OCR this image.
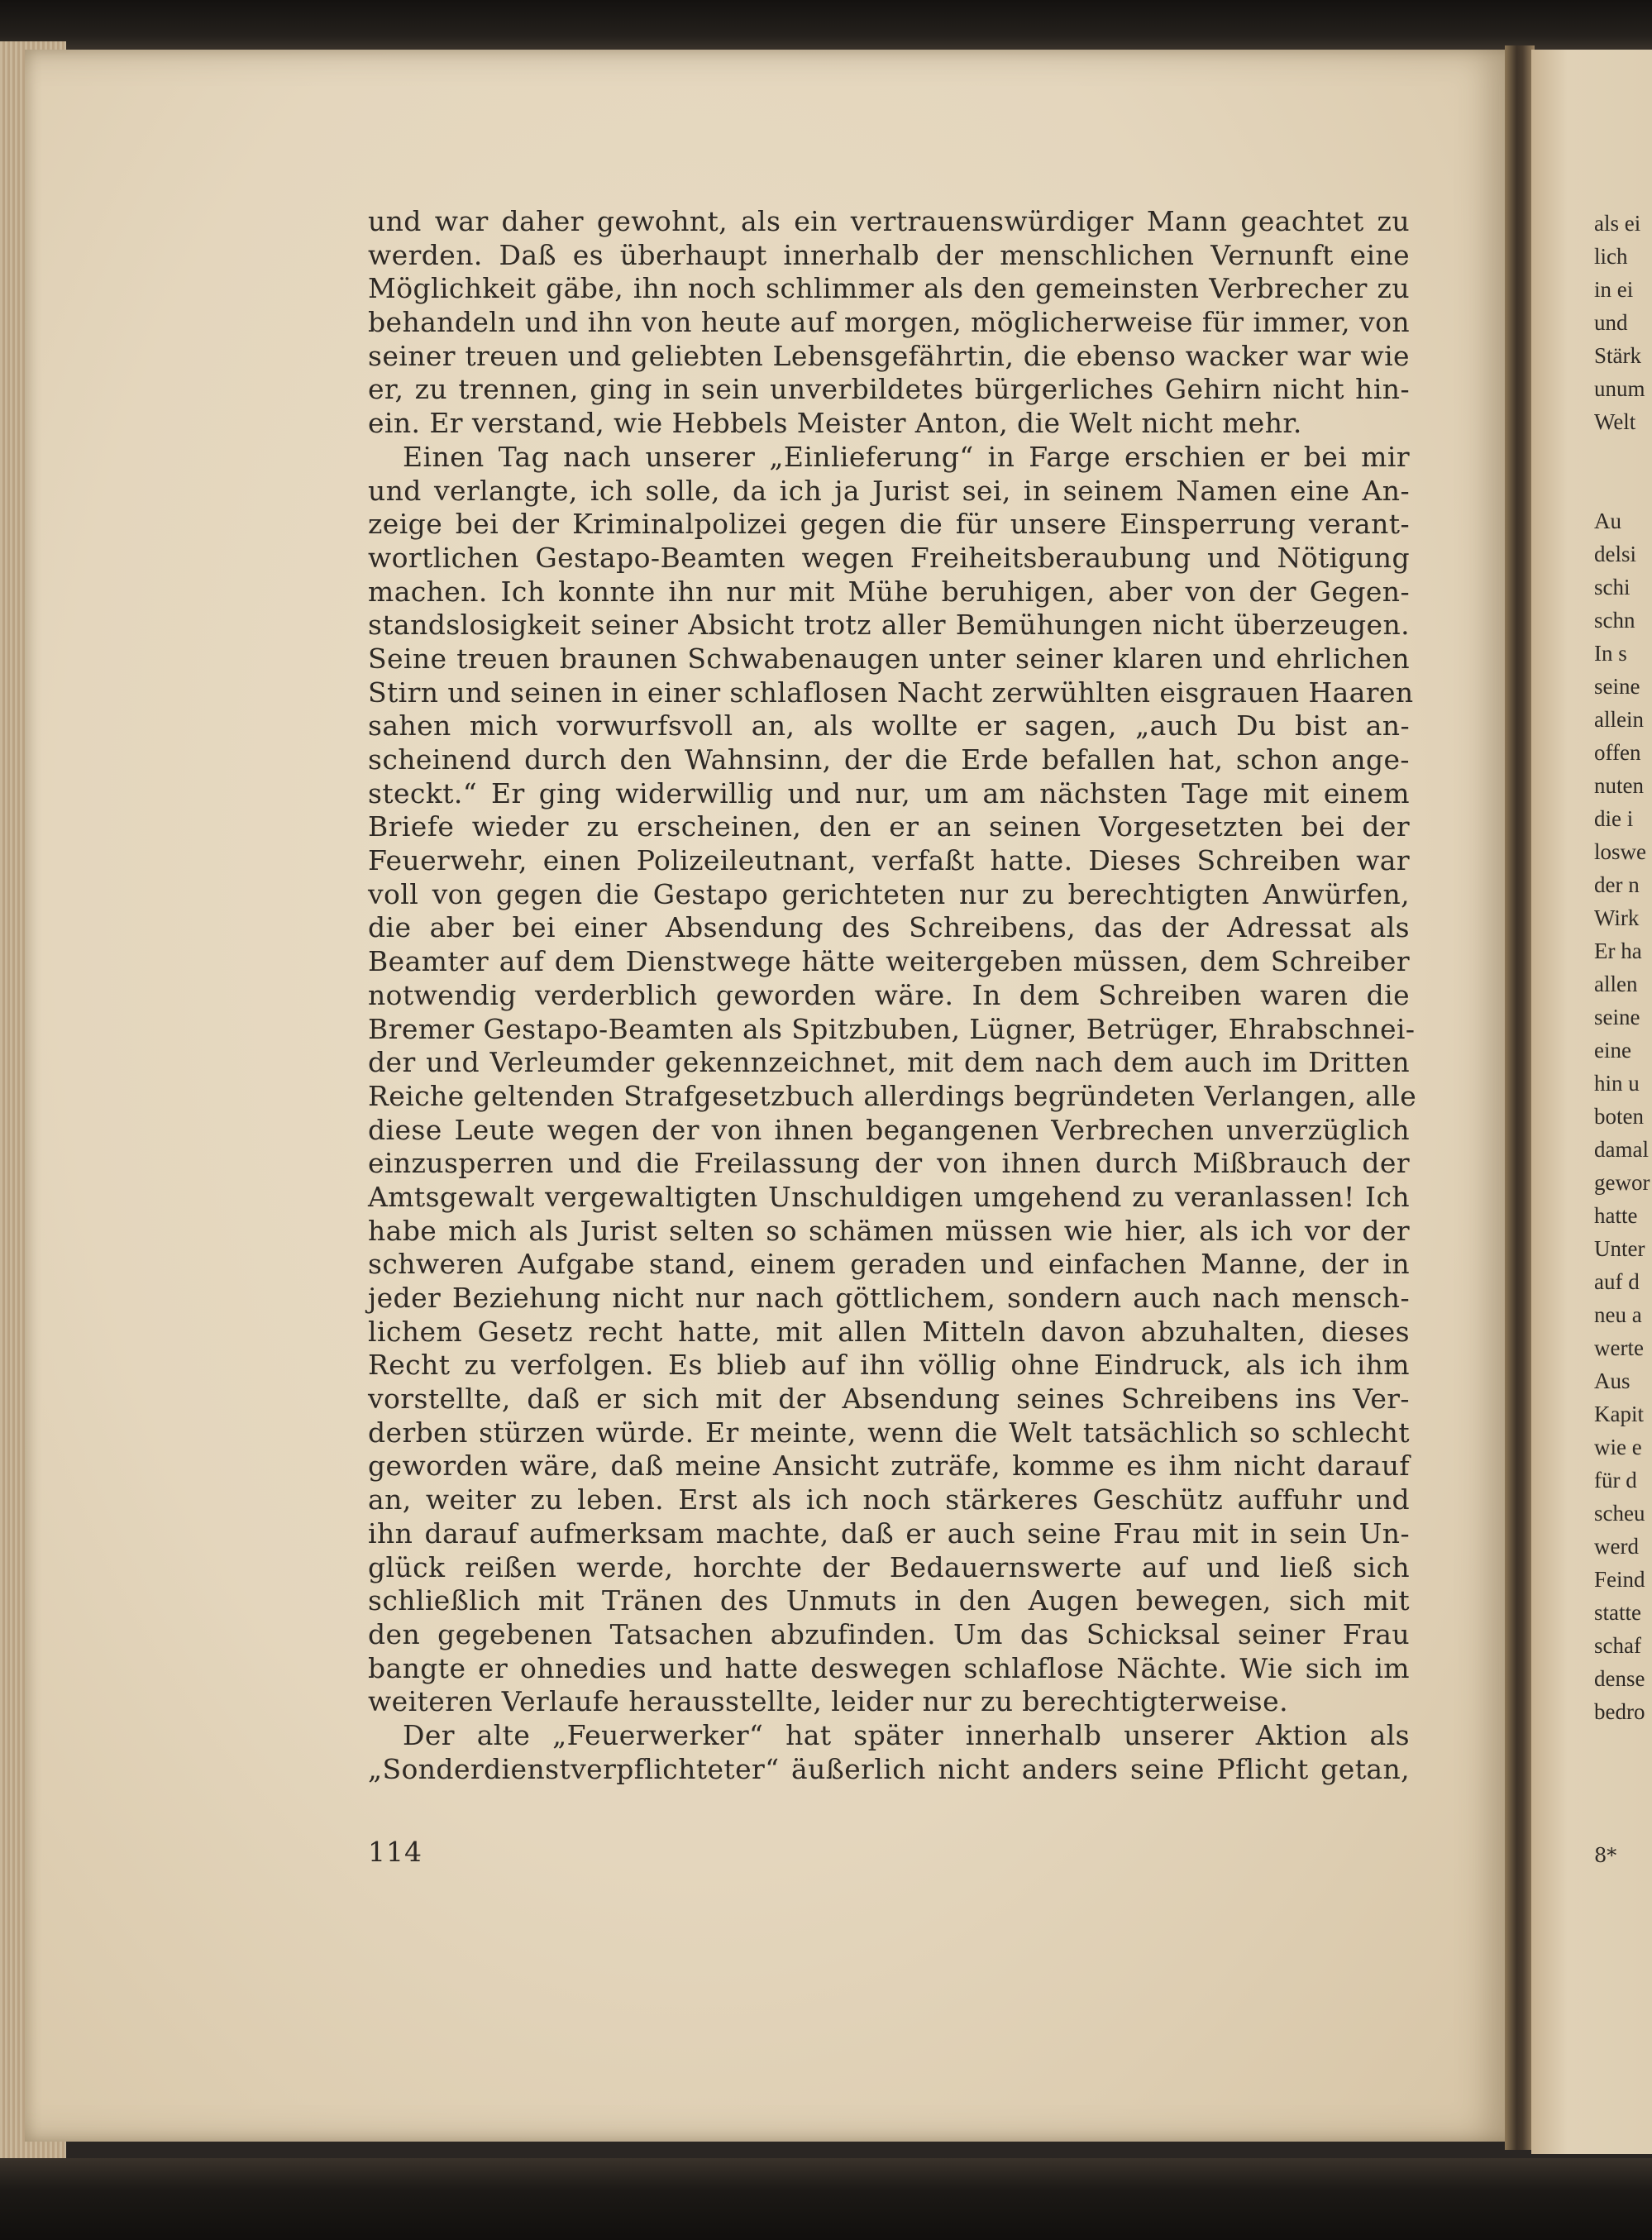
und war daher gewohnt, als ein vertrauenswürdiger Mann geachtet zu
werden. Daß es überhaupt innerhalb der menschlichen Vernunft eine
Möglichkeit gäbe, ihn noch schlimmer als den gemeinsten Verbrecher zu
behandeln und ihn von heute auf morgen, möglicherweise für immer, von
seiner treuen und geliebten Lebensgefährtin, die ebenso wacker war wie
er, zu trennen, ging in sein unverbildetes bürgerliches Gehirn nicht hin-
ein. Er verstand, wie Hebbels Meister Anton, die Welt nicht mehr.
Einen Tag nach unserer „Einlieferung“ in Farge erschien er bei mir
und verlangte, ich solle, da ich ja Jurist sei, in seinem Namen eine An-
zeige bei der Kriminalpolizei gegen die für unsere Einsperrung verant-
wortlichen Gestapo-Beamten wegen Freiheitsberaubung und Nötigung
machen. Ich konnte ihn nur mit Mühe beruhigen, aber von der Gegen-
standslosigkeit seiner Absicht trotz aller Bemühungen nicht überzeugen.
Seine treuen braunen Schwabenaugen unter seiner klaren und ehrlichen
Stirn und seinen in einer schlaflosen Nacht zerwühlten eisgrauen Haaren
sahen mich vorwurfsvoll an, als wollte er sagen, „auch Du bist an-
scheinend durch den Wahnsinn, der die Erde befallen hat, schon ange-
steckt.“ Er ging widerwillig und nur, um am nächsten Tage mit einem
Briefe wieder zu erscheinen, den er an seinen Vorgesetzten bei der
Feuerwehr, einen Polizeileutnant, verfaßt hatte. Dieses Schreiben war
voll von gegen die Gestapo gerichteten nur zu berechtigten Anwürfen,
die aber bei einer Absendung des Schreibens, das der Adressat als
Beamter auf dem Dienstwege hätte weitergeben müssen, dem Schreiber
notwendig verderblich geworden wäre. In dem Schreiben waren die
Bremer Gestapo-Beamten als Spitzbuben, Lügner, Betrüger, Ehrabschnei-
der und Verleumder gekennzeichnet, mit dem nach dem auch im Dritten
Reiche geltenden Strafgesetzbuch allerdings begründeten Verlangen, alle
diese Leute wegen der von ihnen begangenen Verbrechen unverzüglich
einzusperren und die Freilassung der von ihnen durch Mißbrauch der
Amtsgewalt vergewaltigten Unschuldigen umgehend zu veranlassen! Ich
habe mich als Jurist selten so schämen müssen wie hier, als ich vor der
schweren Aufgabe stand, einem geraden und einfachen Manne, der in
jeder Beziehung nicht nur nach göttlichem, sondern auch nach mensch-
lichem Gesetz recht hatte, mit allen Mitteln davon abzuhalten, dieses
Recht zu verfolgen. Es blieb auf ihn völlig ohne Eindruck, als ich ihm
vorstellte, daß er sich mit der Absendung seines Schreibens ins Ver-
derben stürzen würde. Er meinte, wenn die Welt tatsächlich so schlecht
geworden wäre, daß meine Ansicht zuträfe, komme es ihm nicht darauf
an, weiter zu leben. Erst als ich noch stärkeres Geschütz auffuhr und
ihn darauf aufmerksam machte, daß er auch seine Frau mit in sein Un-
glück reißen werde, horchte der Bedauernswerte auf und ließ sich
schließlich mit Tränen des Unmuts in den Augen bewegen, sich mit
den gegebenen Tatsachen abzufinden. Um das Schicksal seiner Frau
bangte er ohnedies und hatte deswegen schlaflose Nächte. Wie sich im
weiteren Verlaufe herausstellte, leider nur zu berechtigterweise.
Der alte „Feuerwerker“ hat später innerhalb unserer Aktion als
„Sonderdienstverpflichteter“ äußerlich nicht anders seine Pflicht getan,
114
als ei
lich
in ei
und
Stärk
unum
Welt
Au
delsi
schi
schn
In s
seine
allein
offen
nuten
die i
loswe
der n
Wirk
Er ha
allen
seine
eine
hin u
boten
damal
gewor
hatte
Unter
auf d
neu a
werte
Aus
Kapit
wie e
für d
scheu
werd
Feind
statte
schaf
dense
bedro
8*
